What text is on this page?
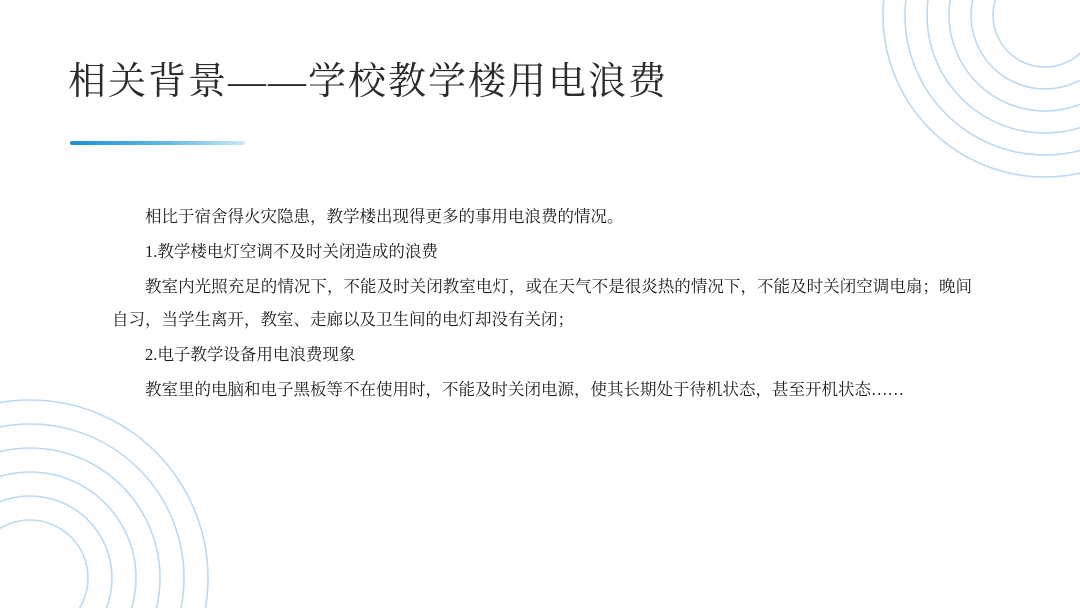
相关背景——学校教学楼用电浪费

相比于宿舍得火灾隐患，教学楼出现得更多的事用电浪费的情况。

1.教学楼电灯空调不及时关闭造成的浪费

教室内光照充足的情况下，不能及时关闭教室电灯，或在天气不是很炎热的情况下，不能及时关闭空调电扇；晚间自习，当学生离开，教室、走廊以及卫生间的电灯却没有关闭；

2.电子教学设备用电浪费现象

教室里的电脑和电子黑板等不在使用时，不能及时关闭电源，使其长期处于待机状态，甚至开机状态……
